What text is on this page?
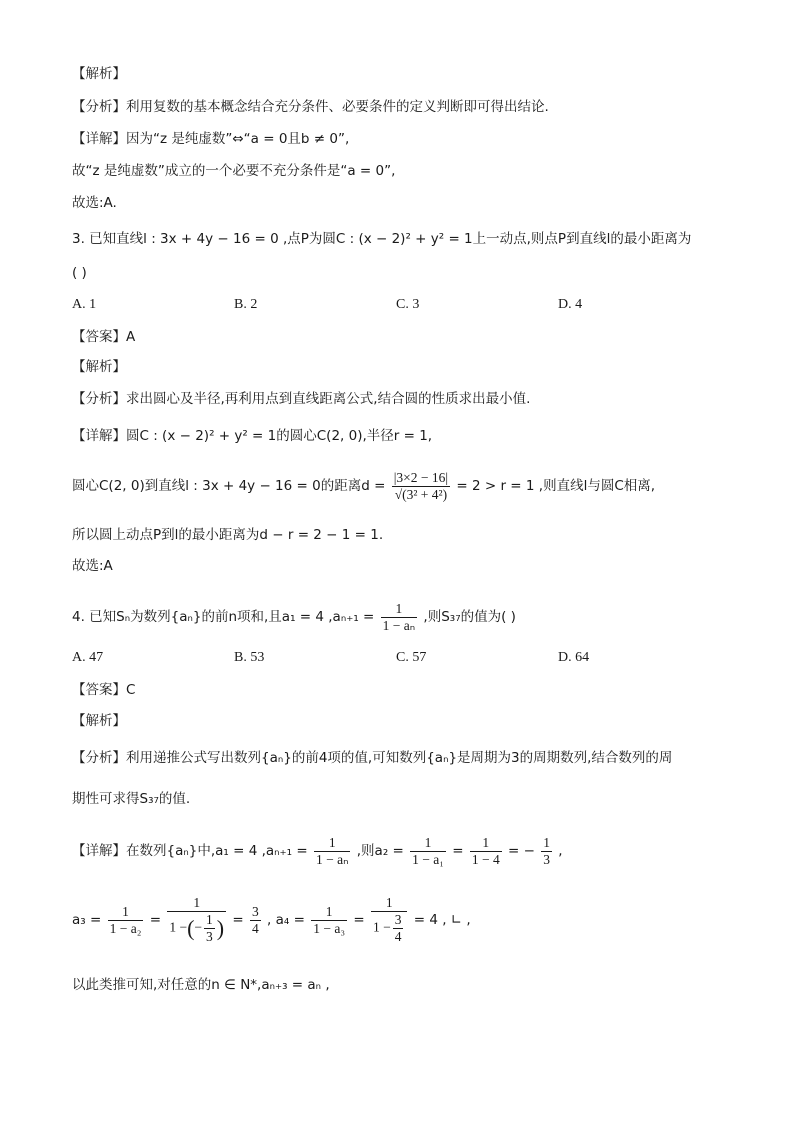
【解析】
【分析】利用复数的基本概念结合充分条件、必要条件的定义判断即可得出结论.
【详解】因为“z 是纯虚数”⇔“a = 0且b ≠ 0”,
故“z 是纯虚数”成立的一个必要不充分条件是“a = 0”,
故选:A.
3. 已知直线l : 3x + 4y − 16 = 0 ,点P为圆C : (x − 2)² + y² = 1上一动点,则点P到直线l的最小距离为
( )
A. 1	B. 2	C. 3	D. 4
【答案】A
【解析】
【分析】求出圆心及半径,再利用点到直线距离公式,结合圆的性质求出最小值.
【详解】圆C : (x − 2)² + y² = 1的圆心C(2, 0),半径r = 1,
圆心C(2, 0)到直线l : 3x + 4y − 16 = 0的距离$d = \frac{|3\times 2 - 16|}{\text{√(3² + 4²)}} = 2 > r = 1$ ,则直线l与圆C相离,
所以圆上动点P到l的最小距离为d − r = 2 − 1 = 1.
故选:A
4. 已知Sₙ为数列{aₙ}的前n项和,且a₁ = 4 $,a_{n+1} = \frac{1}{\text{1 − aₙ}}$ ,则S₃₇的值为( )
A. 47	B. 53	C. 57	D. 64
【答案】C
【解析】
【分析】利用递推公式写出数列{aₙ}的前4项的值,可知数列{aₙ}是周期为3的周期数列,结合数列的周
期性可求得S₃₇的值.
【详解】在数列{aₙ}中,a₁ = 4 $,a_{n+1} = \frac{1}{\text{1 − aₙ}}$ ,则$a_2 = \frac{1}{\text{1 − a₁}} = \frac{1}{1 - 4}$ = − $\frac{1}{3}$ ,
$a_3 = \frac{1}{\text{1 − a₂}} = \frac{1}{1 -(- \frac{1}{3} )} = \frac{3}{4}$ , $a_4 = \frac{1}{\text{1 − a₃}} = \frac{1}{1 - \frac{3}{4}} = 4$ , ∟ ,
以此类推可知,对任意的n ∈ N*,aₙ₊₃ = aₙ ,
